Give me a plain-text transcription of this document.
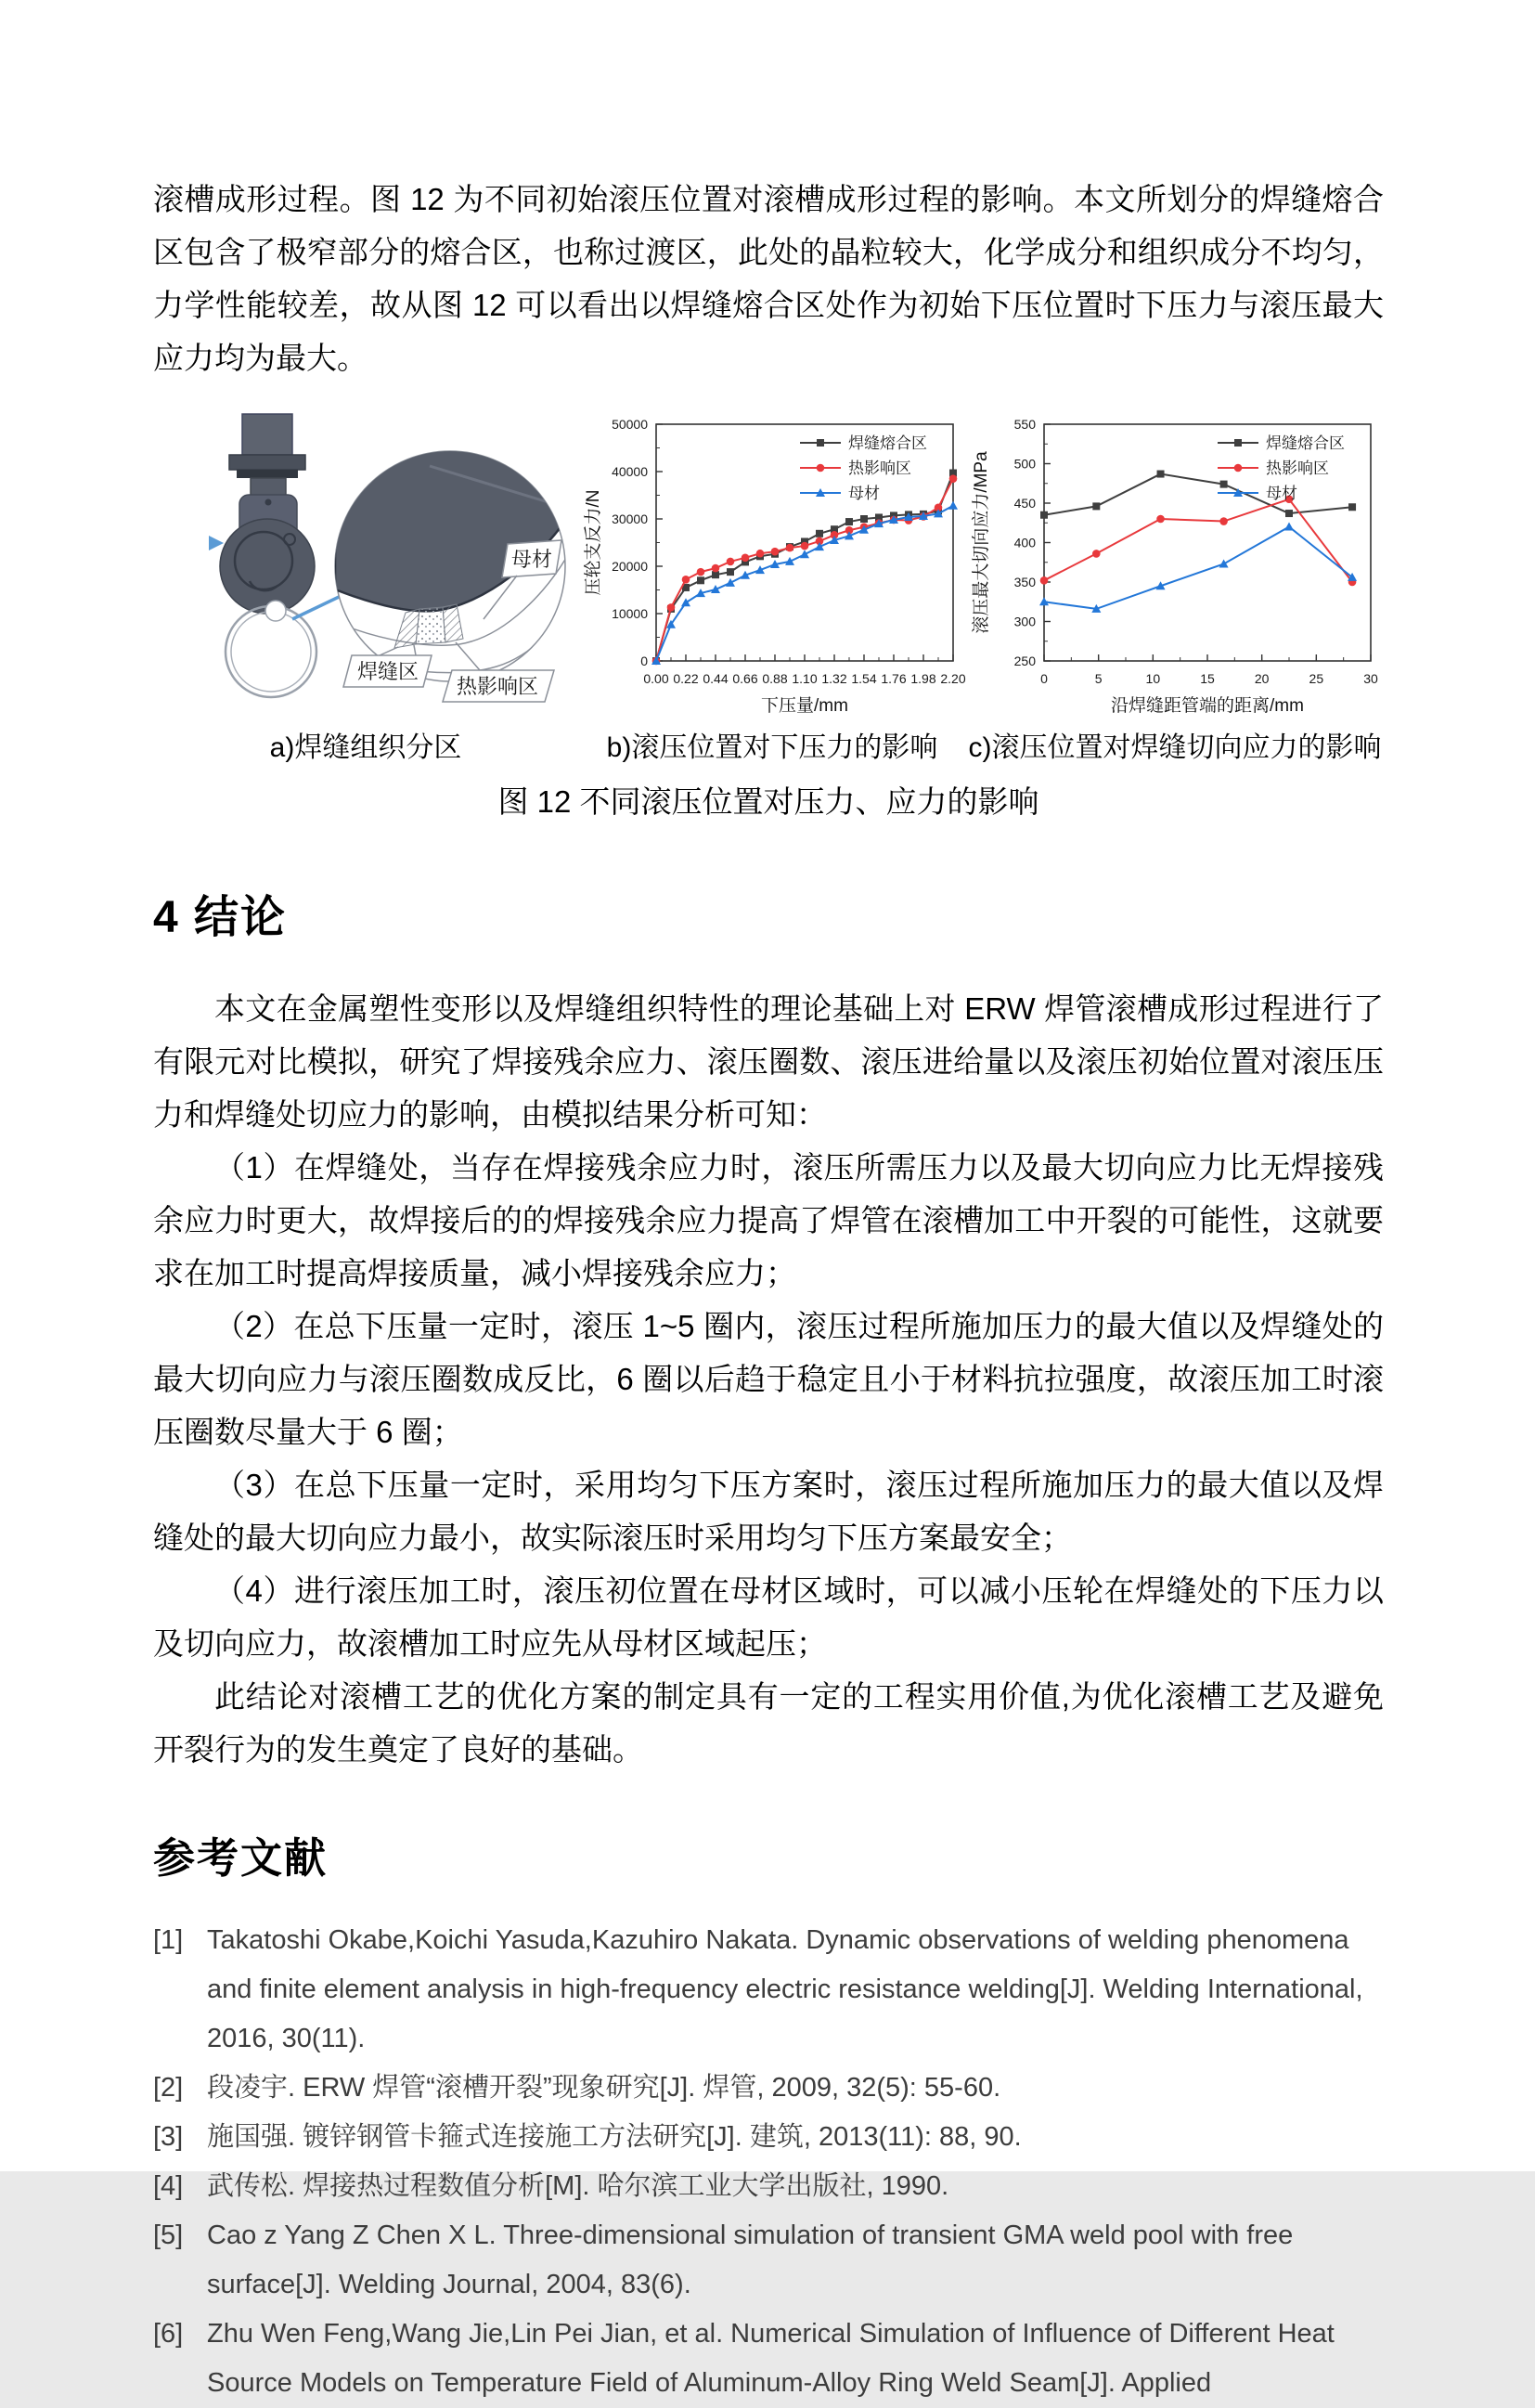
滚槽成形过程。图 12 为不同初始滚压位置对滚槽成形过程的影响。本文所划分的焊缝熔合区包含了极窄部分的熔合区，也称过渡区，此处的晶粒较大，化学成分和组织成分不均匀，力学性能较差，故从图 12 可以看出以焊缝熔合区处作为初始下压位置时下压力与滚压最大应力均为最大。

母材
焊缝区
热影响区
a)焊缝组织分区
0.00 0.22 0.44 0.66 0.88 1.10 1.32 1.54 1.76 1.98 2.20
0
10000
20000
30000
40000
50000
下压量/mm
压轮支反力/N
焊缝熔合区
热影响区
母材
b)滚压位置对下压力的影响
0	5	10	15	20	25	30
250
300
350
400
450
500
550
沿焊缝距管端的距离/mm
滚压最大切向应力/MPa
焊缝熔合区
热影响区
母材
c)滚压位置对焊缝切向应力的影响

图 12 不同滚压位置对压力、应力的影响

4 结论

本文在金属塑性变形以及焊缝组织特性的理论基础上对 ERW 焊管滚槽成形过程进行了有限元对比模拟，研究了焊接残余应力、滚压圈数、滚压进给量以及滚压初始位置对滚压压力和焊缝处切应力的影响，由模拟结果分析可知：

（1）在焊缝处，当存在焊接残余应力时，滚压所需压力以及最大切向应力比无焊接残余应力时更大，故焊接后的的焊接残余应力提高了焊管在滚槽加工中开裂的可能性，这就要求在加工时提高焊接质量，减小焊接残余应力；

（2）在总下压量一定时，滚压 1~5 圈内，滚压过程所施加压力的最大值以及焊缝处的最大切向应力与滚压圈数成反比，6 圈以后趋于稳定且小于材料抗拉强度，故滚压加工时滚压圈数尽量大于 6 圈；

（3）在总下压量一定时，采用均匀下压方案时，滚压过程所施加压力的最大值以及焊缝处的最大切向应力最小，故实际滚压时采用均匀下压方案最安全；

（4）进行滚压加工时，滚压初位置在母材区域时，可以减小压轮在焊缝处的下压力以及切向应力，故滚槽加工时应先从母材区域起压；

此结论对滚槽工艺的优化方案的制定具有一定的工程实用价值,为优化滚槽工艺及避免开裂行为的发生奠定了良好的基础。

参考文献
[1] Takatoshi Okabe,Koichi Yasuda,Kazuhiro Nakata. Dynamic observations of welding phenomena and finite element analysis in high-frequency electric resistance welding[J]. Welding International, 2016, 30(11).
[2] 段凌宇. ERW 焊管“滚槽开裂”现象研究[J]. 焊管, 2009, 32(5): 55-60.
[3] 施国强. 镀锌钢管卡箍式连接施工方法研究[J]. 建筑, 2013(11): 88, 90.
[4] 武传松. 焊接热过程数值分析[M]. 哈尔滨工业大学出版社, 1990.
[5] Cao z Yang Z Chen X L. Three-dimensional simulation of transient GMA weld pool with free surface[J]. Welding Journal, 2004, 83(6).
[6] Zhu Wen Feng,Wang Jie,Lin Pei Jian, et al. Numerical Simulation of Influence of Different Heat Source Models on Temperature Field of Aluminum-Alloy Ring Weld Seam[J]. Applied
